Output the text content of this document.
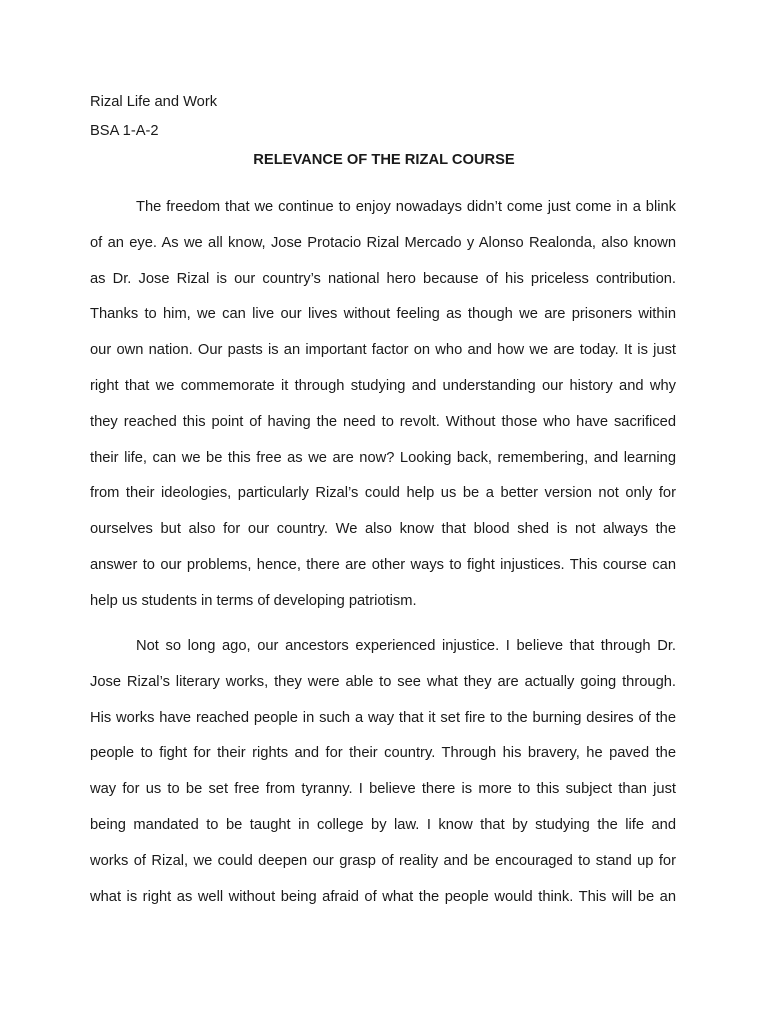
Rizal Life and Work
BSA 1-A-2
RELEVANCE OF THE RIZAL COURSE
The freedom that we continue to enjoy nowadays didn’t come just come in a blink
of an eye. As we all know, Jose Protacio Rizal Mercado y Alonso Realonda, also known
as Dr. Jose Rizal is our country’s national hero because of his priceless contribution.
Thanks to him, we can live our lives without feeling as though we are prisoners within
our own nation. Our pasts is an important factor on who and how we are today. It is just
right that we commemorate it through studying and understanding our history and why
they reached this point of having the need to revolt. Without those who have sacrificed
their life, can we be this free as we are now? Looking back, remembering, and learning
from their ideologies, particularly Rizal’s could help us be a better version not only for
ourselves but also for our country. We also know that blood shed is not always the
answer to our problems, hence, there are other ways to fight injustices. This course can
help us students in terms of developing patriotism.
Not so long ago, our ancestors experienced injustice. I believe that through Dr.
Jose Rizal’s literary works, they were able to see what they are actually going through.
His works have reached people in such a way that it set fire to the burning desires of the
people to fight for their rights and for their country. Through his bravery, he paved the
way for us to be set free from tyranny. I believe there is more to this subject than just
being mandated to be taught in college by law. I know that by studying the life and
works of Rizal, we could deepen our grasp of reality and be encouraged to stand up for
what is right as well without being afraid of what the people would think. This will be an
